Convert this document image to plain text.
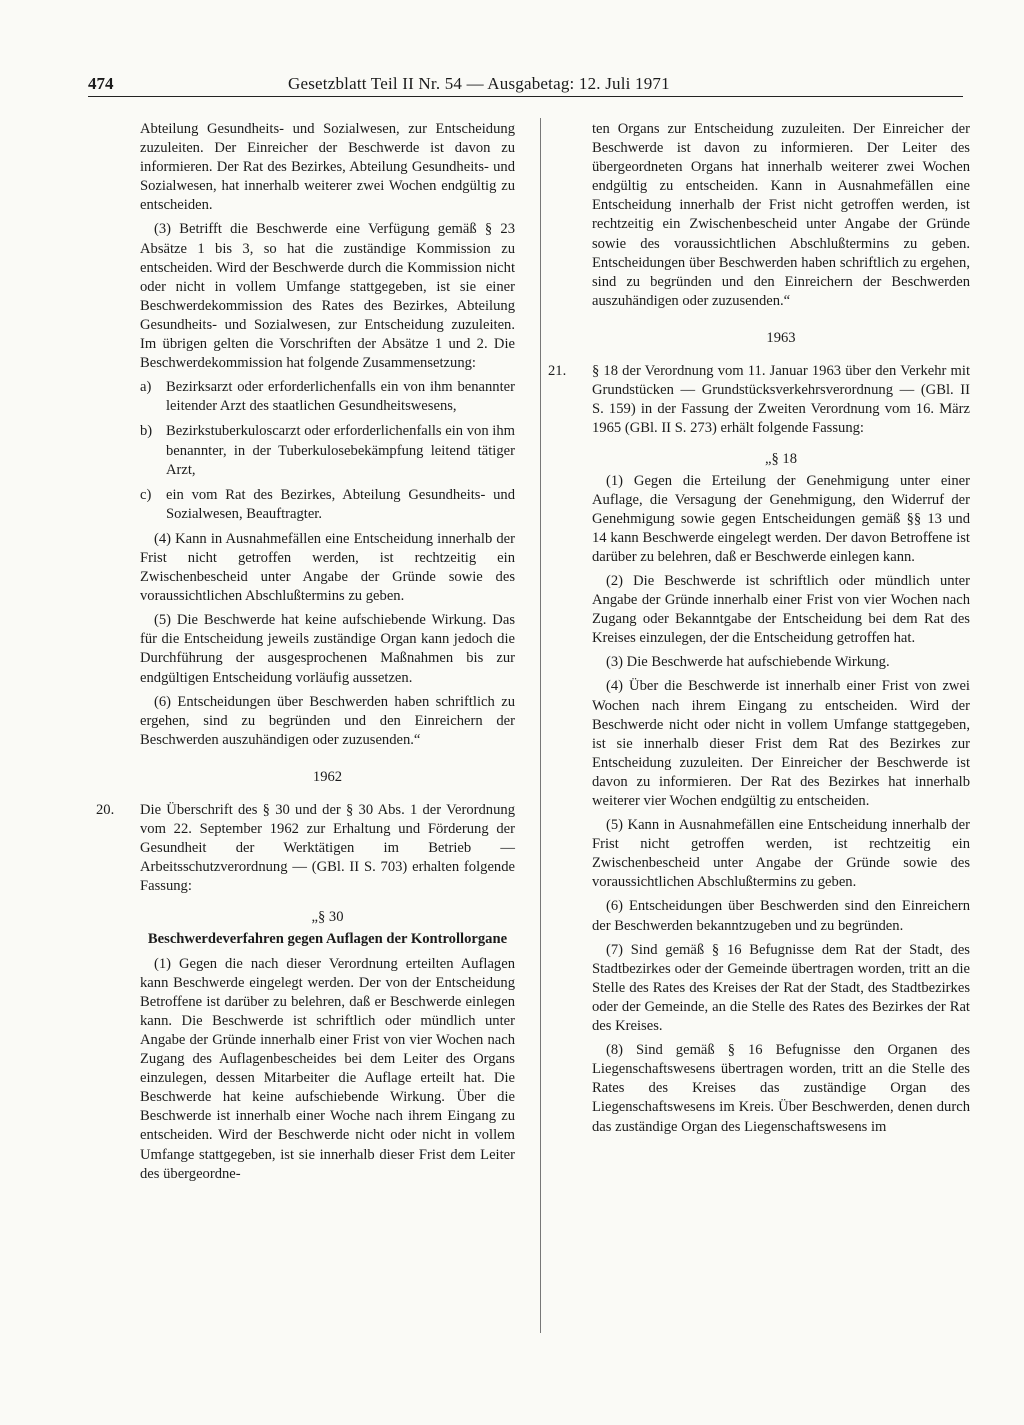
474	Gesetzblatt Teil II Nr. 54 — Ausgabetag: 12. Juli 1971

Abteilung Gesundheits- und Sozialwesen, zur Entscheidung zuzuleiten. Der Einreicher der Beschwerde ist davon zu informieren. Der Rat des Bezirkes, Abteilung Gesundheits- und Sozialwesen, hat innerhalb weiterer zwei Wochen endgültig zu entscheiden.

(3) Betrifft die Beschwerde eine Verfügung gemäß § 23 Absätze 1 bis 3, so hat die zuständige Kommission zu entscheiden. Wird der Beschwerde durch die Kommission nicht oder nicht in vollem Umfange stattgegeben, ist sie einer Beschwerdekommission des Rates des Bezirkes, Abteilung Gesundheits- und Sozialwesen, zur Entscheidung zuzuleiten. Im übrigen gelten die Vorschriften der Absätze 1 und 2. Die Beschwerdekommission hat folgende Zusammensetzung:

a)	Bezirksarzt oder erforderlichenfalls ein von ihm benannter leitender Arzt des staatlichen Gesundheitswesens,
b) Bezirkstuberkuloscarzt oder erforderlichenfalls ein von ihm benannter, in der Tuberkulosebekämpfung leitend tätiger Arzt,
c)	ein vom Rat des Bezirkes, Abteilung Gesundheits- und Sozialwesen, Beauftragter.

(4) Kann in Ausnahmefällen eine Entscheidung innerhalb der Frist nicht getroffen werden, ist rechtzeitig ein Zwischenbescheid unter Angabe der Gründe sowie des voraussichtlichen Abschlußtermins zu geben.

(5) Die Beschwerde hat keine aufschiebende Wirkung. Das für die Entscheidung jeweils zuständige Organ kann jedoch die Durchführung der ausgesprochenen Maßnahmen bis zur endgültigen Entscheidung vorläufig aussetzen.

(6) Entscheidungen über Beschwerden haben schriftlich zu ergehen, sind zu begründen und den Einreichern der Beschwerden auszuhändigen oder zuzusenden.“

1962
20. Die Überschrift des § 30 und der § 30 Abs. 1 der Verordnung vom 22. September 1962 zur Erhaltung und Förderung der Gesundheit der Werktätigen im Betrieb — Arbeitsschutzverordnung — (GBl. II S. 703) erhalten folgende Fassung:

„§ 30
Beschwerdeverfahren gegen Auflagen der Kontrollorgane

(1) Gegen die nach dieser Verordnung erteilten Auflagen kann Beschwerde eingelegt werden. Der von der Entscheidung Betroffene ist darüber zu belehren, daß er Beschwerde einlegen kann. Die Beschwerde ist schriftlich oder mündlich unter Angabe der Gründe innerhalb einer Frist von vier Wochen nach Zugang des Auflagenbescheides bei dem Leiter des Organs einzulegen, dessen Mitarbeiter die Auflage erteilt hat. Die Beschwerde hat keine aufschiebende Wirkung. Über die Beschwerde ist innerhalb einer Woche nach ihrem Eingang zu entscheiden. Wird der Beschwerde nicht oder nicht in vollem Umfange stattgegeben, ist sie innerhalb dieser Frist dem Leiter des übergeordne-

ten Organs zur Entscheidung zuzuleiten. Der Einreicher der Beschwerde ist davon zu informieren. Der Leiter des übergeordneten Organs hat innerhalb weiterer zwei Wochen endgültig zu entscheiden. Kann in Ausnahmefällen eine Entscheidung innerhalb der Frist nicht getroffen werden, ist rechtzeitig ein Zwischenbescheid unter Angabe der Gründe sowie des voraussichtlichen Abschlußtermins zu geben. Entscheidungen über Beschwerden haben schriftlich zu ergehen, sind zu begründen und den Einreichern der Beschwerden auszuhändigen oder zuzusenden.“

1963
21. § 18 der Verordnung vom 11. Januar 1963 über den Verkehr mit Grundstücken — Grundstücksverkehrsverordnung — (GBl. II S. 159) in der Fassung der Zweiten Verordnung vom 16. März 1965 (GBl. II S. 273) erhält folgende Fassung:

„§ 18

(1) Gegen die Erteilung der Genehmigung unter einer Auflage, die Versagung der Genehmigung, den Widerruf der Genehmigung sowie gegen Entscheidungen gemäß §§ 13 und 14 kann Beschwerde eingelegt werden. Der davon Betroffene ist darüber zu belehren, daß er Beschwerde einlegen kann.

(2) Die Beschwerde ist schriftlich oder mündlich unter Angabe der Gründe innerhalb einer Frist von vier Wochen nach Zugang oder Bekanntgabe der Entscheidung bei dem Rat des Kreises einzulegen, der die Entscheidung getroffen hat.

(3) Die Beschwerde hat aufschiebende Wirkung.

(4) Über die Beschwerde ist innerhalb einer Frist von zwei Wochen nach ihrem Eingang zu entscheiden. Wird der Beschwerde nicht oder nicht in vollem Umfange stattgegeben, ist sie innerhalb dieser Frist dem Rat des Bezirkes zur Entscheidung zuzuleiten. Der Einreicher der Beschwerde ist davon zu informieren. Der Rat des Bezirkes hat innerhalb weiterer vier Wochen endgültig zu entscheiden.

(5) Kann in Ausnahmefällen eine Entscheidung innerhalb der Frist nicht getroffen werden, ist rechtzeitig ein Zwischenbescheid unter Angabe der Gründe sowie des voraussichtlichen Abschlußtermins zu geben.

(6) Entscheidungen über Beschwerden sind den Einreichern der Beschwerden bekanntzugeben und zu begründen.

(7) Sind gemäß § 16 Befugnisse dem Rat der Stadt, des Stadtbezirkes oder der Gemeinde übertragen worden, tritt an die Stelle des Rates des Kreises der Rat der Stadt, des Stadtbezirkes oder der Gemeinde, an die Stelle des Rates des Bezirkes der Rat des Kreises.

(8) Sind gemäß § 16 Befugnisse den Organen des Liegenschaftswesens übertragen worden, tritt an die Stelle des Rates des Kreises das zuständige Organ des Liegenschaftswesens im Kreis. Über Beschwerden, denen durch das zuständige Organ des Liegenschaftswesens im
